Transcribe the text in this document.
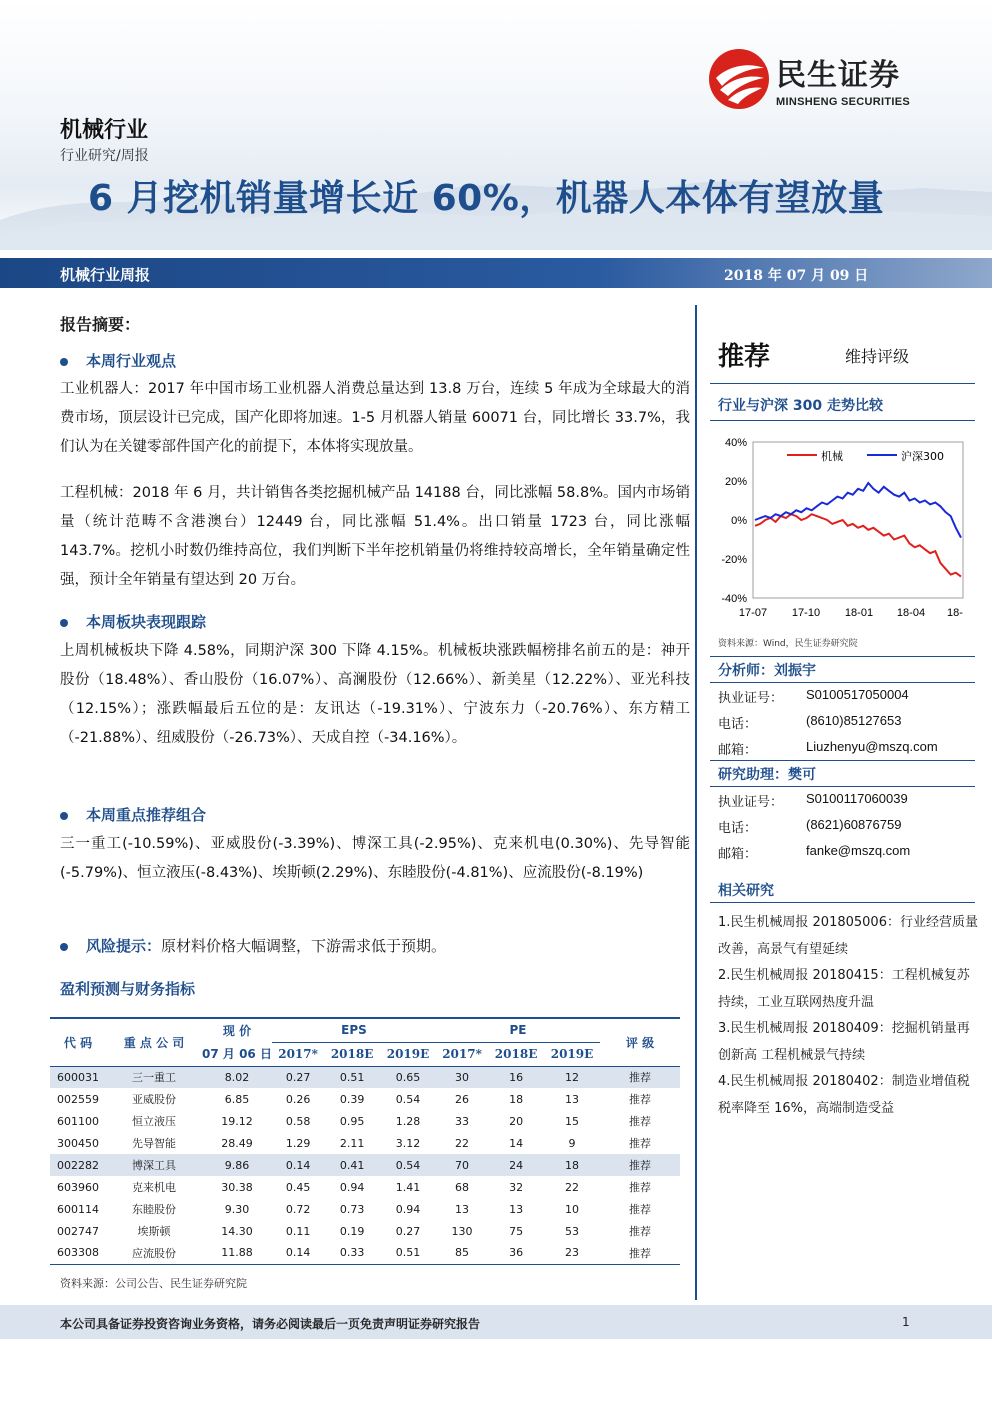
民生证券
MINSHENG SECURITIES
机械行业
行业研究/周报
6 月挖机销量增长近 60%，机器人本体有望放量
机械行业周报	2018 年 07 月 09 日
报告摘要：
本周行业观点
工业机器人：2017 年中国市场工业机器人消费总量达到 13.8 万台，连续 5 年成为全球最大的消费市场，顶层设计已完成，国产化即将加速。1-5 月机器人销量 60071 台，同比增长 33.7%，我们认为在关键零部件国产化的前提下，本体将实现放量。
工程机械：2018 年 6 月，共计销售各类挖掘机械产品 14188 台，同比涨幅 58.8%。国内市场销量（统计范畴不含港澳台）12449 台，同比涨幅 51.4%。出口销量 1723 台，同比涨幅 143.7%。挖机小时数仍维持高位，我们判断下半年挖机销量仍将维持较高增长，全年销量确定性强，预计全年销量有望达到 20 万台。
本周板块表现跟踪
上周机械板块下降 4.58%，同期沪深 300 下降 4.15%。机械板块涨跌幅榜排名前五的是：神开股份（18.48%）、香山股份（16.07%）、高澜股份（12.66%）、新美星（12.22%）、亚光科技（12.15%）；涨跌幅最后五位的是：友讯达（-19.31%）、宁波东力（-20.76%）、东方精工（-21.88%）、纽威股份（-26.73%）、天成自控（-34.16%）。
本周重点推荐组合
三一重工(-10.59%)、亚威股份(-3.39%)、博深工具(-2.95%)、克来机电(0.30%)、先导智能(-5.79%)、恒立液压(-8.43%)、埃斯顿(2.29%)、东睦股份(-4.81%)、应流股份(-8.19%)
风险提示：原材料价格大幅调整，下游需求低于预期。
盈利预测与财务指标
代 码	重 点 公 司	现 价	EPS			PE			评 级
		07 月 06 日	2017*	2018E	2019E	2017*	2018E	2019E	
600031	三一重工	8.02	0.27	0.51	0.65	30	16	12	推荐
002559	亚威股份	6.85	0.26	0.39	0.54	26	18	13	推荐
601100	恒立液压	19.12	0.58	0.95	1.28	33	20	15	推荐
300450	先导智能	28.49	1.29	2.11	3.12	22	14	9	推荐
002282	博深工具	9.86	0.14	0.41	0.54	70	24	18	推荐
603960	克来机电	30.38	0.45	0.94	1.41	68	32	22	推荐
600114	东睦股份	9.30	0.72	0.73	0.94	13	13	10	推荐
002747	埃斯顿	14.30	0.11	0.19	0.27	130	75	53	推荐
603308	应流股份	11.88	0.14	0.33	0.51	85	36	23	推荐
资料来源：公司公告、民生证券研究院
推荐	维持评级
行业与沪深 300 走势比较
40%
20%
0%
-20%
-40%
17-07 17-10 18-01 18-04 18-
机械	沪深300
资料来源：Wind，民生证券研究院
分析师：刘振宇
执业证号： S0100517050004
电话：	(8610)85127653
邮箱：	Liuzhenyu@mszq.com
研究助理：樊可
执业证号： S0100117060039
电话：	(8621)60876759
邮箱：	fanke@mszq.com
相关研究
1.民生机械周报 201805006：行业经营质量改善，高景气有望延续
2.民生机械周报 20180415：工程机械复苏持续，工业互联网热度升温
3.民生机械周报 20180409：挖掘机销量再创新高 工程机械景气持续
4.民生机械周报 20180402：制造业增值税税率降至 16%，高端制造受益
本公司具备证券投资咨询业务资格，请务必阅读最后一页免责声明证券研究报告	1
